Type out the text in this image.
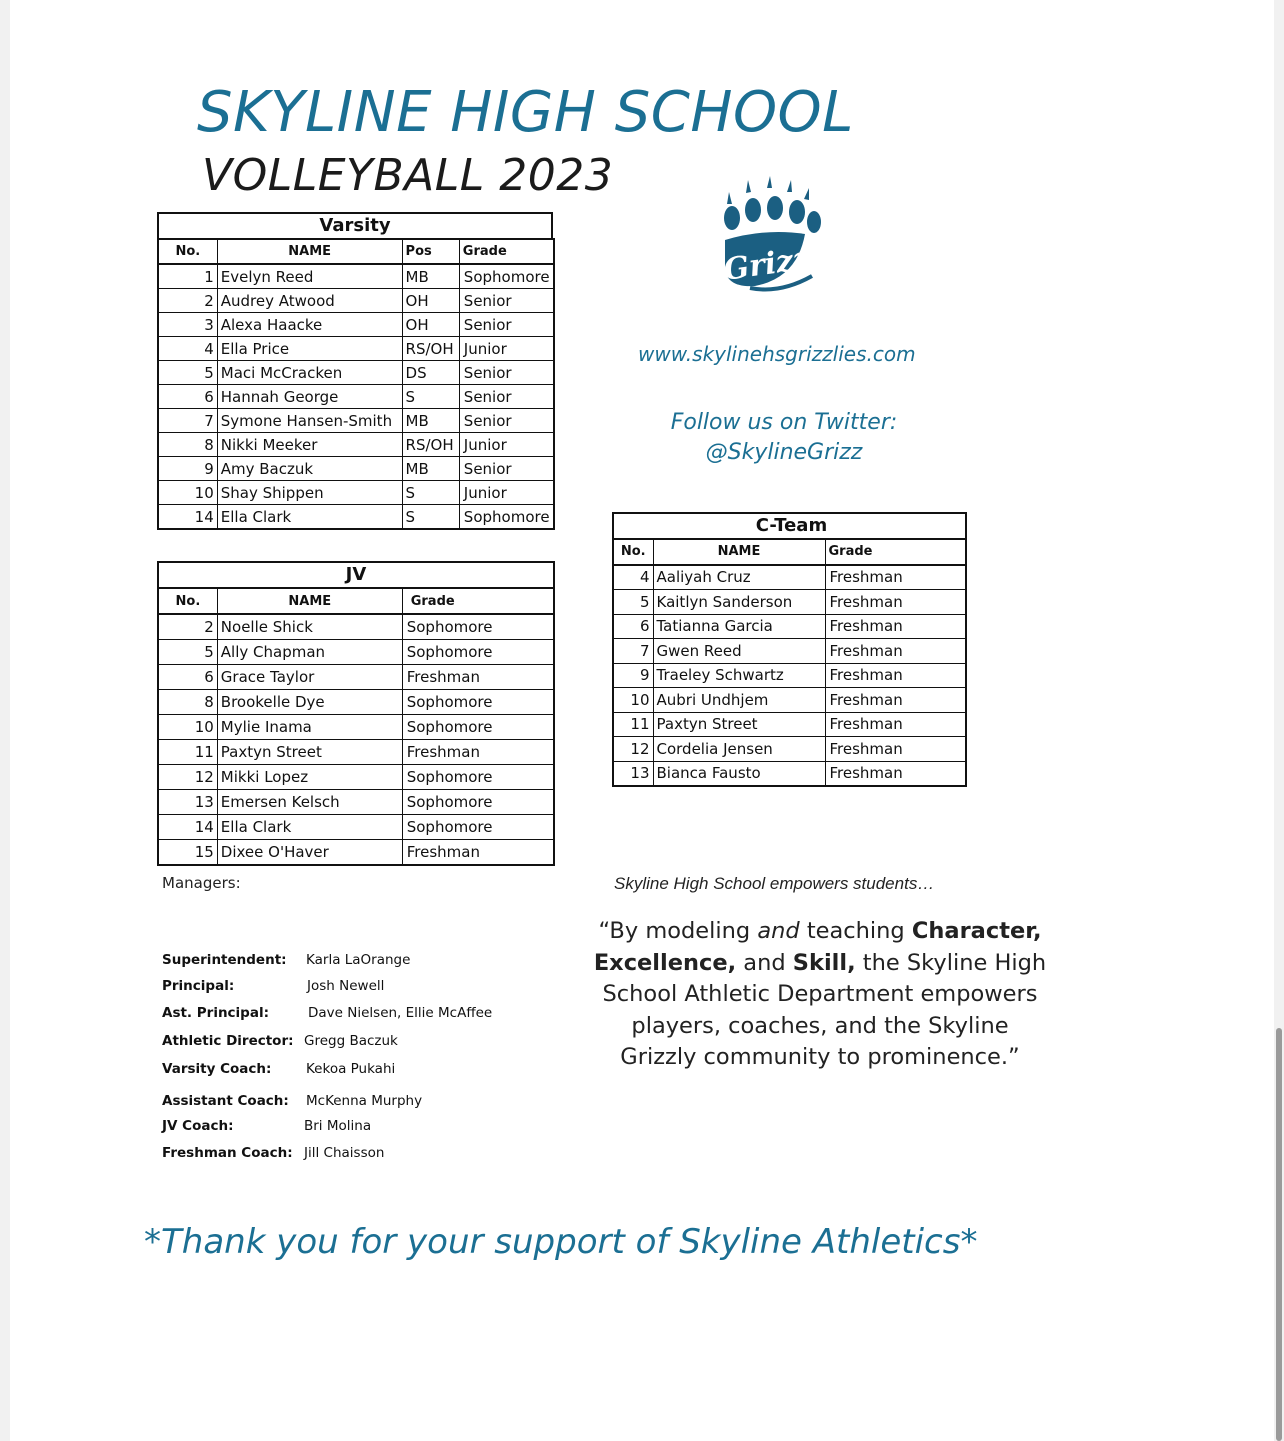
SKYLINE HIGH SCHOOL
VOLLEYBALL 2023
Varsity
No.	NAME	Pos	Grade
1	Evelyn Reed	MB	Sophomore
2	Audrey Atwood	OH	Senior
3	Alexa Haacke	OH	Senior
4	Ella Price	RS/OH	Junior
5	Maci McCracken	DS	Senior
6	Hannah George	S	Senior
7	Symone Hansen-Smith	MB	Senior
8	Nikki Meeker	RS/OH	Junior
9	Amy Baczuk	MB	Senior
10	Shay Shippen	S	Junior
14	Ella Clark	S	Sophomore
JV
No.	NAME	Grade
2	Noelle Shick	Sophomore
5	Ally Chapman	Sophomore
6	Grace Taylor	Freshman
8	Brookelle Dye	Sophomore
10	Mylie Inama	Sophomore
11	Paxtyn Street	Freshman
12	Mikki Lopez	Sophomore
13	Emersen Kelsch	Sophomore
14	Ella Clark	Sophomore
15	Dixee O'Haver	Freshman
C-Team
No.	NAME	Grade
4	Aaliyah Cruz	Freshman
5	Kaitlyn Sanderson	Freshman
6	Tatianna Garcia	Freshman
7	Gwen Reed	Freshman
9	Traeley Schwartz	Freshman
10	Aubri Undhjem	Freshman
11	Paxtyn Street	Freshman
12	Cordelia Jensen	Freshman
13	Bianca Fausto	Freshman
Grizz

www.skylinehsgrizzlies.com

Follow us on Twitter:
@SkylineGrizz

Managers:
Superintendent: Karla LaOrange
Principal:	Josh Newell
Ast. Principal:	Dave Nielsen, Ellie McAffee
Athletic Director: Gregg Baczuk
Varsity Coach:	Kekoa Pukahi
Assistant Coach: McKenna Murphy
JV Coach:	Bri Molina
Freshman Coach: Jill Chaisson

Skyline High School empowers students…

“By modeling and teaching Character, Excellence, and Skill, the Skyline High School Athletic Department empowers players, coaches, and the Skyline Grizzly community to prominence.”

*Thank you for your support of Skyline Athletics*
